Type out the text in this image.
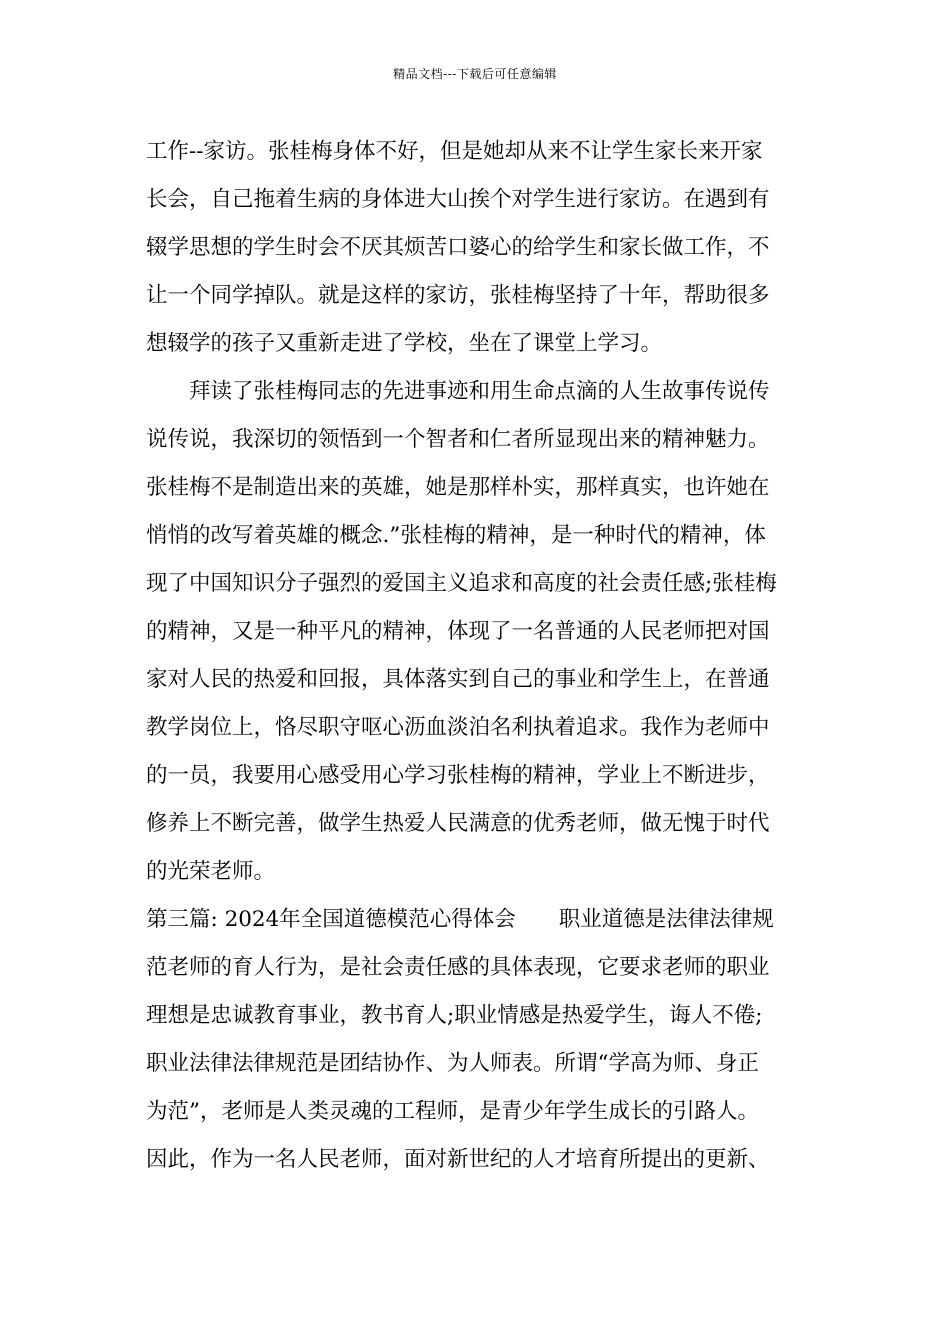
精品文档---下载后可任意编辑
工作--家访。张桂梅身体不好，但是她却从来不让学生家长来开家
长会，自己拖着生病的身体进大山挨个对学生进行家访。在遇到有
辍学思想的学生时会不厌其烦苦口婆心的给学生和家长做工作，不
让一个同学掉队。就是这样的家访，张桂梅坚持了十年，帮助很多
想辍学的孩子又重新走进了学校，坐在了课堂上学习。
拜读了张桂梅同志的先进事迹和用生命点滴的人生故事传说传
说传说，我深切的领悟到一个智者和仁者所显现出来的精神魅力。
张桂梅不是制造出来的英雄，她是那样朴实，那样真实，也许她在
悄悄的改写着英雄的概念.”张桂梅的精神，是一种时代的精神，体
现了中国知识分子强烈的爱国主义追求和高度的社会责任感;张桂梅
的精神，又是一种平凡的精神，体现了一名普通的人民老师把对国
家对人民的热爱和回报，具体落实到自己的事业和学生上，在普通
教学岗位上，恪尽职守呕心沥血淡泊名利执着追求。我作为老师中
的一员，我要用心感受用心学习张桂梅的精神，学业上不断进步，
修养上不断完善，做学生热爱人民满意的优秀老师，做无愧于时代
的光荣老师。
第三篇: 2024年全国道德模范心得体会　　职业道德是法律法律规
范老师的育人行为，是社会责任感的具体表现，它要求老师的职业
理想是忠诚教育事业，教书育人;职业情感是热爱学生，诲人不倦;
职业法律法律规范是团结协作、为人师表。所谓“学高为师、身正
为范”，老师是人类灵魂的工程师，是青少年学生成长的引路人。
因此，作为一名人民老师，面对新世纪的人才培育所提出的更新、
